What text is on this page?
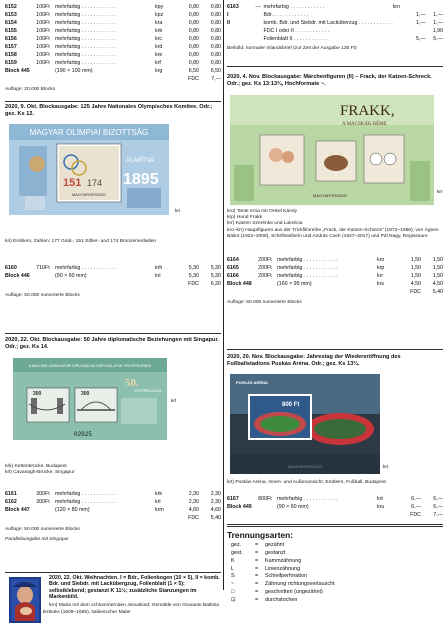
6152	100	Ft	mehrfarbig . . . . . . . . . . . .	kpy	0,80	0,80
6153	100	Ft	mehrfarbig . . . . . . . . . . . .	kpz	0,80	0,80
6154	100	Ft	mehrfarbig . . . . . . . . . . . .	kra	0,80	0,80
6155	100	Ft	mehrfarbig . . . . . . . . . . . .	krb	0,80	0,80
6156	100	Ft	mehrfarbig . . . . . . . . . . . .	krc	0,80	0,80
6157	100	Ft	mehrfarbig . . . . . . . . . . . .	krd	0,80	0,80
6158	100	Ft	mehrfarbig . . . . . . . . . . . .	kre	0,80	0,80
6159	100	Ft	mehrfarbig . . . . . . . . . . . .	krf	0,80	0,80
Block 445			(190 × 100 mm)	krg	6,50	6,50
				FDC		7,—
Auflage: 20.000 Blocks
2020, 9. Okt. Blockausgabe: 125 Jahre Nationales Olympisches Komitee. Odr.; gez. Ks 12.
MAGYAR OLIMPIAI BIZOTTSÁG
151 174
MAGYARORSZÁG
ALAPÍTVA
1895
kri
kri) Emblem, Zahlen: 177 Gold-, 151 Silber- und 174 Bronzemedaillen
6160	710	Ft	mehrfarbig . . . . . . . . . . . .	krh	5,30	5,30
Block 446			(90 × 60 mm)	kri	5,30	5,30
				FDC		6,20
Auflage: 50.000 numerierte Blocks
2020, 22. Okt. Blockausgabe: 50 Jahre diplomatische Beziehungen mit Singapur. Odr.; gez. Ks 14.
A MAGYAR–SZINGAPÚRI DIPLOMÁCIAI KAPCSOLATOK FELVÉTELÉNEK
50.
ÉVFORDULÓJA
300	300
02825
krl
krk) Kettenbrücke, Budapest
krl) Cavanagh-Brücke, Singapur
6161	300	Ft	mehrfarbig . . . . . . . . . . . .	krk	2,30	2,30
6162	300	Ft	mehrfarbig . . . . . . . . . . . .	krl	2,30	2,30
Block 447			(120 × 80 mm)	krm	4,60	4,60
				FDC		5,40
Auflage: 50.000 numerierte Blocks
Parallelausgabe mit Singapur
krn
2020, 22. Okt. Weihnachten. I = Bdr., Folienbogen (10 × 5), II = komb. Bdr. und Siebdr. mit Lackübergzug, Folienblatt (1 × 5); selbstklebend; gestanzt K 11½; zusätzliche Stanzungen im Markenbild.
krn) Maria mit dem schlummernden Jesuskind; Gemälde von Giovanni Battista Salvi (1609–1685), italienischer Maler
6163		—	mehrfarbig . . . . . . . . . . . .	krn		
I			Bdr. . . . . . . . . . . . .		1,—	1,—
II			komb. Bdr. und Siebdr. mit Lacküberzug . . . . . . . . . . . .		1,—	1,—
			FDC I oder II . . . . . . . . . . . .			1,90
			Folienblatt II . . . . . . . . . . . .		5,—	5,—
Beifolld: normaler Inlandsbrief (zur Zeit der Ausgabe 135 Ft)
2020, 4. Nov. Blockausgabe: Märchenfiguren (II) – Frack, der Katzen-Schreck. Odr.; gez. Ks 13:13¾, Hochformate ~.
FRAKK,
A MACSKÁK RÉME
MAGYARORSZÁG
krr
kro) Tante Irma mit Onkel Károly
krp) Hund Frakk
krr) Katzen Szerénke und Lukrécia
kro–krr) Hauptfiguren aus der Trickfilmreihe „Frack, der Katzen-Schreck“ (1972–1986); von Ágnes Bálint (1922–2008), Schriftstellerin und András Cseh (1927–2017) und Pál Nagy, Regisseure
6164	200	Ft	mehrfarbig . . . . . . . . . . . .	kro	1,50	1,50
6165	200	Ft	mehrfarbig . . . . . . . . . . . .	krp	1,50	1,50
6166	200	Ft	mehrfarbig . . . . . . . . . . . .	krr	1,50	1,50
Block 448			(160 × 95 mm)	krs	4,50	4,50
				FDC		5,40
Auflage: 50.000 numerierte Blocks
2020, 20. Nov. Blockausgabe: Jahrestag der Wiedereröffnung des Fußballstadions Puskás Aréna. Odr.; gez. Ks 13¾.
PUSKÁS ARÉNA
800 Ft
krt
krt) Puskás Aréna, Innen- und Außenansicht, Emblem, Fußball, Budapest
6167	800	Ft	mehrfarbig . . . . . . . . . . . .	krt	6,—	6,—
Block 449			(90 × 60 mm)	kru	6,—	6,—
				FDC		7,—
Trennungsarten:
gez.	=	gezähnt
gest.	=	gestanzt
K	=	Kammzähnung
L	=	Linienzähnung
S	=	Schleifperforation
~	=	Zähnung richtungsvertauscht
□	=	geschnitten (ungezähnt)
⊡	=	durchstochen
